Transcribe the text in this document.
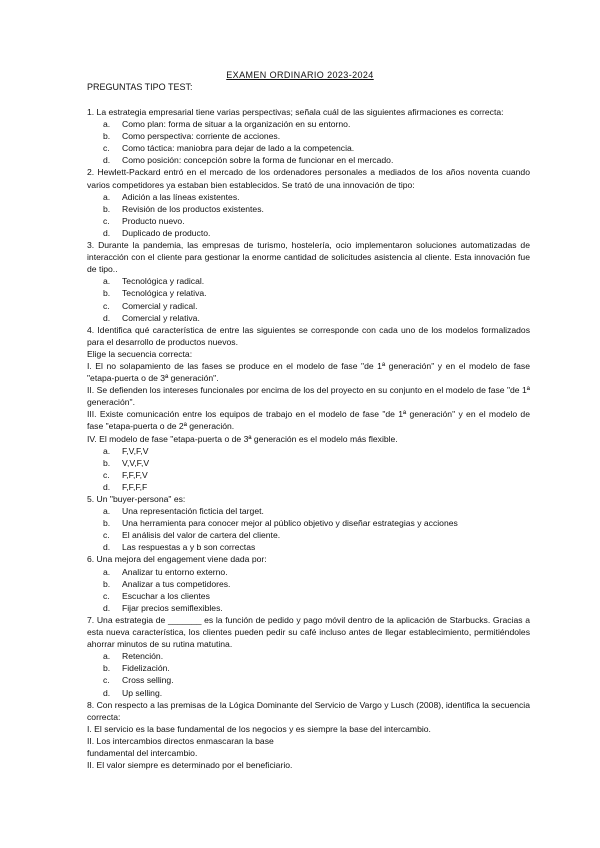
EXAMEN ORDINARIO 2023-2024
PREGUNTAS TIPO TEST:

1. La estrategia empresarial tiene varias perspectivas; señala cuál de las siguientes afirmaciones es correcta:

a. Como plan: forma de situar a la organización en su entorno.

b. Como perspectiva: corriente de acciones.

c. Como táctica: maniobra para dejar de lado a la competencia.

d. Como posición: concepción sobre la forma de funcionar en el mercado.

2. Hewlett-Packard entró en el mercado de los ordenadores personales a mediados de los años noventa cuando varios competidores ya estaban bien establecidos. Se trató de una innovación de tipo:

a. Adición a las líneas existentes.

b. Revisión de los productos existentes.

c. Producto nuevo.

d. Duplicado de producto.

3. Durante la pandemia, las empresas de turismo, hostelería, ocio implementaron soluciones automatizadas de interacción con el cliente para gestionar la enorme cantidad de solicitudes asistencia al cliente. Esta innovación fue de tipo..

a. Tecnológica y radical.

b. Tecnológica y relativa.

c. Comercial y radical.

d. Comercial y relativa.

4. Identifica qué característica de entre las siguientes se corresponde con cada uno de los modelos formalizados para el desarrollo de productos nuevos.

Elige la secuencia correcta:

I. El no solapamiento de las fases se produce en el modelo de fase "de 1ª generación" y en el modelo de fase "etapa-puerta o de 3ª generación".

II. Se defienden los intereses funcionales por encima de los del proyecto en su conjunto en el modelo de fase "de 1ª generación".

III. Existe comunicación entre los equipos de trabajo en el modelo de fase "de 1ª generación" y en el modelo de fase "etapa-puerta o de 2ª generación.

IV. El modelo de fase "etapa-puerta o de 3ª generación es el modelo más flexible.

a. F,V,F,V

b. V,V,F,V

c. F,F,F,V

d. F,F,F,F

5. Un "buyer-persona" es:

a. Una representación ficticia del target.

b. Una herramienta para conocer mejor al público objetivo y diseñar estrategias y acciones

c. El análisis del valor de cartera del cliente.

d. Las respuestas a y b son correctas

6. Una mejora del engagement viene dada por:

a. Analizar tu entorno externo.

b. Analizar a tus competidores.

c. Escuchar a los clientes

d. Fijar precios semiflexibles.

7. Una estrategia de _______ es la función de pedido y pago móvil dentro de la aplicación de Starbucks. Gracias a esta nueva característica, los clientes pueden pedir su café incluso antes de llegar establecimiento, permitiéndoles ahorrar minutos de su rutina matutina.

a. Retención.

b. Fidelización.

c. Cross selling.

d. Up selling.

8. Con respecto a las premisas de la Lógica Dominante del Servicio de Vargo y Lusch (2008), identifica la secuencia correcta:

I. El servicio es la base fundamental de los negocios y es siempre la base del intercambio.

II. Los intercambios directos enmascaran la base

fundamental del intercambio.

II. El valor siempre es determinado por el beneficiario.
